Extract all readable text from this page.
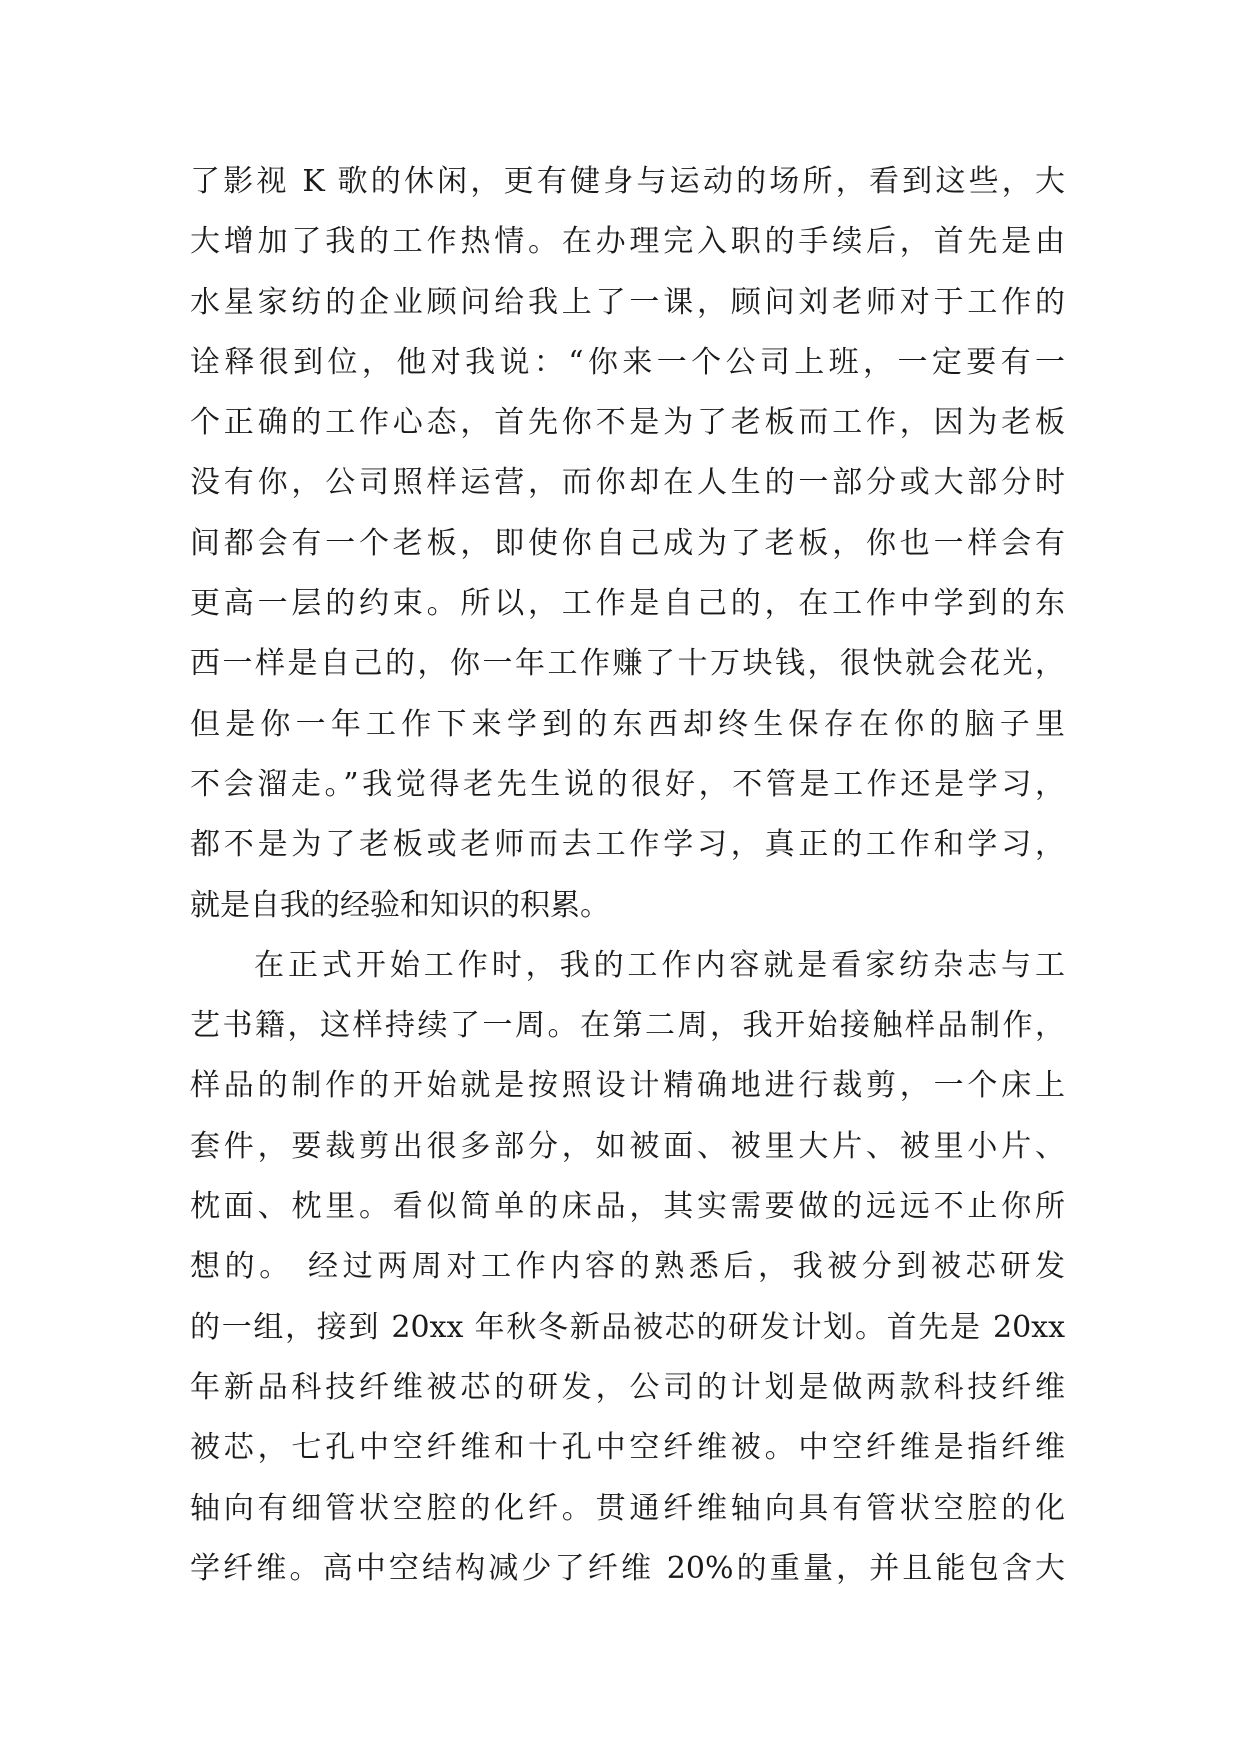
了影视 K 歌的休闲，更有健身与运动的场所，看到这些，大
大增加了我的工作热情。在办理完入职的手续后，首先是由
水星家纺的企业顾问给我上了一课，顾问刘老师对于工作的
诠释很到位，他对我说：“你来一个公司上班，一定要有一
个正确的工作心态，首先你不是为了老板而工作，因为老板
没有你，公司照样运营，而你却在人生的一部分或大部分时
间都会有一个老板，即使你自己成为了老板，你也一样会有
更高一层的约束。所以，工作是自己的，在工作中学到的东
西一样是自己的，你一年工作赚了十万块钱，很快就会花光，
但是你一年工作下来学到的东西却终生保存在你的脑子里
不会溜走。”我觉得老先生说的很好，不管是工作还是学习，
都不是为了老板或老师而去工作学习，真正的工作和学习，
就是自我的经验和知识的积累。
在正式开始工作时，我的工作内容就是看家纺杂志与工
艺书籍，这样持续了一周。在第二周，我开始接触样品制作，
样品的制作的开始就是按照设计精确地进行裁剪，一个床上
套件，要裁剪出很多部分，如被面、被里大片、被里小片、
枕面、枕里。看似简单的床品，其实需要做的远远不止你所
想的。 经过两周对工作内容的熟悉后，我被分到被芯研发
的一组，接到 20xx 年秋冬新品被芯的研发计划。首先是 20xx
年新品科技纤维被芯的研发，公司的计划是做两款科技纤维
被芯，七孔中空纤维和十孔中空纤维被。中空纤维是指纤维
轴向有细管状空腔的化纤。贯通纤维轴向具有管状空腔的化
学纤维。高中空结构减少了纤维 20%的重量，并且能包含大
